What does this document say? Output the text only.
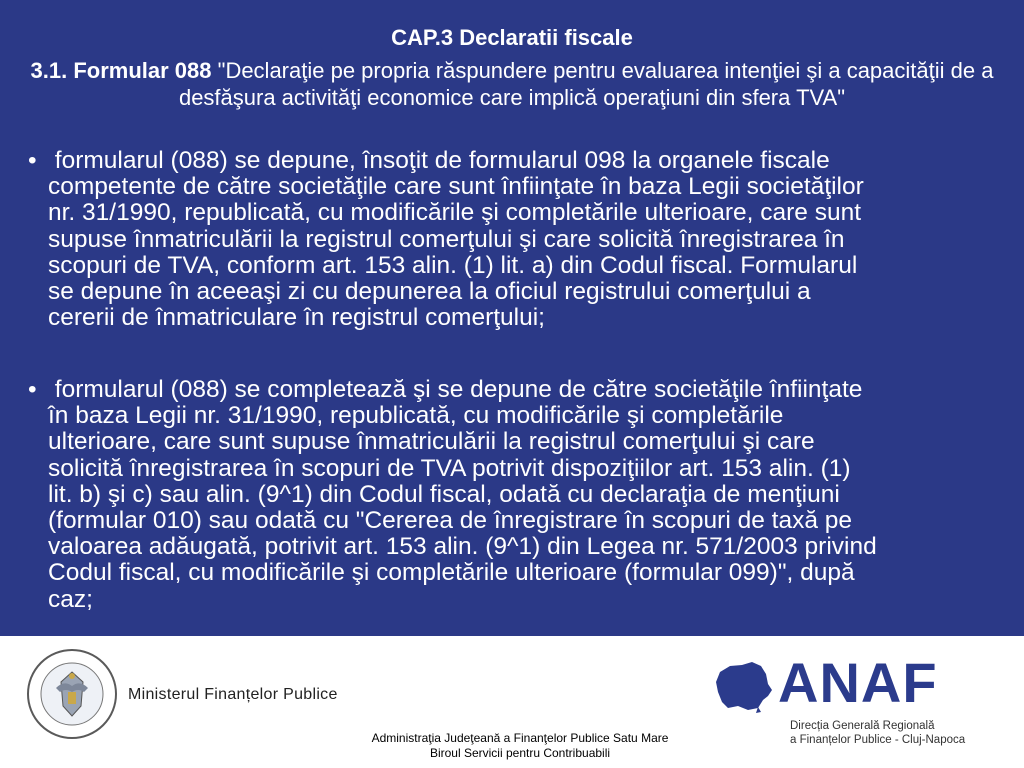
CAP.3 Declaratii fiscale
3.1. Formular 088 "Declaraţie pe propria răspundere pentru evaluarea intenţiei şi a capacităţii de a desfăşura activităţi economice care implică operaţiuni din sfera TVA"
• formularul (088) se depune, însoţit de formularul 098 la organele fiscale
competente de către societăţile care sunt înfiinţate în baza Legii societăţilor
nr. 31/1990, republicată, cu modificările şi completările ulterioare, care sunt
supuse înmatriculării la registrul comerţului şi care solicită înregistrarea în
scopuri de TVA, conform art. 153 alin. (1) lit. a) din Codul fiscal. Formularul
se depune în aceeaşi zi cu depunerea la oficiul registrului comerţului a
cererii de înmatriculare în registrul comerţului;
• formularul (088) se completează şi se depune de către societăţile înfiinţate
în baza Legii nr. 31/1990, republicată, cu modificările şi completările
ulterioare, care sunt supuse înmatriculării la registrul comerţului şi care
solicită înregistrarea în scopuri de TVA potrivit dispoziţiilor art. 153 alin. (1)
lit. b) şi c) sau alin. (9^1) din Codul fiscal, odată cu declaraţia de menţiuni
(formular 010) sau odată cu "Cererea de înregistrare în scopuri de taxă pe
valoarea adăugată, potrivit art. 153 alin. (9^1) din Legea nr. 571/2003 privind
Codul fiscal, cu modificările şi completările ulterioare (formular 099)", după
caz;
Ministerul Finanțelor Publice
Administraţia Judeţeană a Finanţelor Publice Satu Mare
Biroul Servicii pentru Contribuabili
ANAF
Direcția Generală Regională
a Finanțelor Publice - Cluj-Napoca
